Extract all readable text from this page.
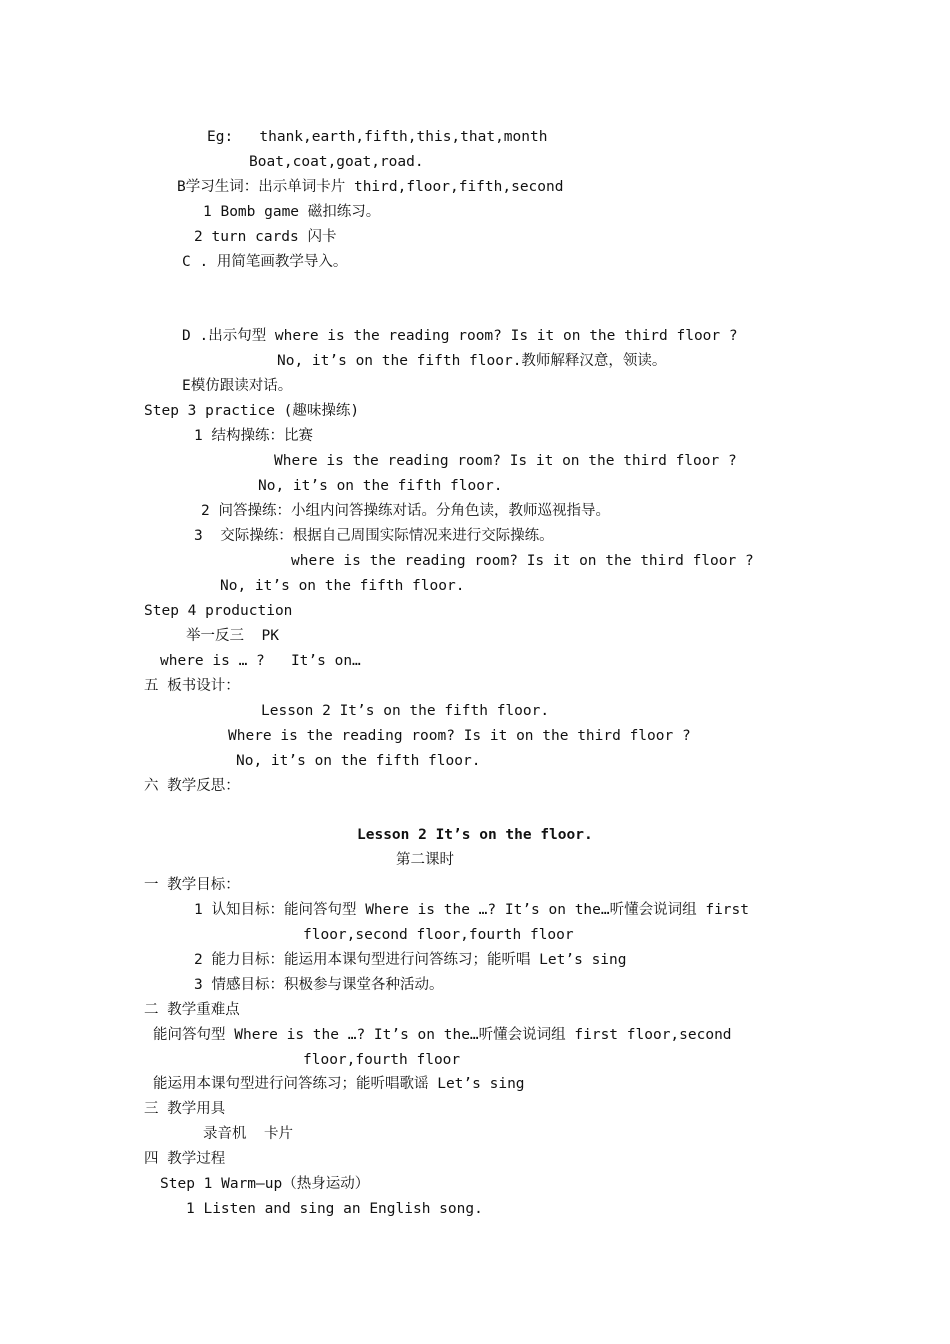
Eg:   thank,earth,fifth,this,that,month
Boat,coat,goat,road.
B学习生词：出示单词卡片 third,floor,fifth,second
1 Bomb game 磁扣练习。
2 turn cards 闪卡
C . 用简笔画教学导入。
D .出示句型 where is the reading room? Is it on the third floor ?
No, it’s on the fifth floor.教师解释汉意，领读。
E模仿跟读对话。
Step 3 practice (趣味操练)
1 结构操练：比赛
Where is the reading room? Is it on the third floor ?
No, it’s on the fifth floor.
2 问答操练：小组内问答操练对话。分角色读，教师巡视指导。
3  交际操练：根据自己周围实际情况来进行交际操练。
where is the reading room? Is it on the third floor ?
No, it’s on the fifth floor.
Step 4 production
举一反三  PK
where is … ?   It’s on…
五 板书设计：
Lesson 2 It’s on the fifth floor.
Where is the reading room? Is it on the third floor ?
No, it’s on the fifth floor.
六 教学反思：
Lesson 2 It’s on the floor.
第二课时
一 教学目标：
1 认知目标：能问答句型 Where is the …? It’s on the…听懂会说词组 first
floor,second floor,fourth floor
2 能力目标：能运用本课句型进行问答练习；能听唱 Let’s sing
3 情感目标：积极参与课堂各种活动。
二 教学重难点
能问答句型 Where is the …? It’s on the…听懂会说词组 first floor,second
floor,fourth floor
能运用本课句型进行问答练习；能听唱歌谣 Let’s sing
三 教学用具
录音机  卡片
四 教学过程
Step 1 Warm—up（热身运动）
1 Listen and sing an English song.
